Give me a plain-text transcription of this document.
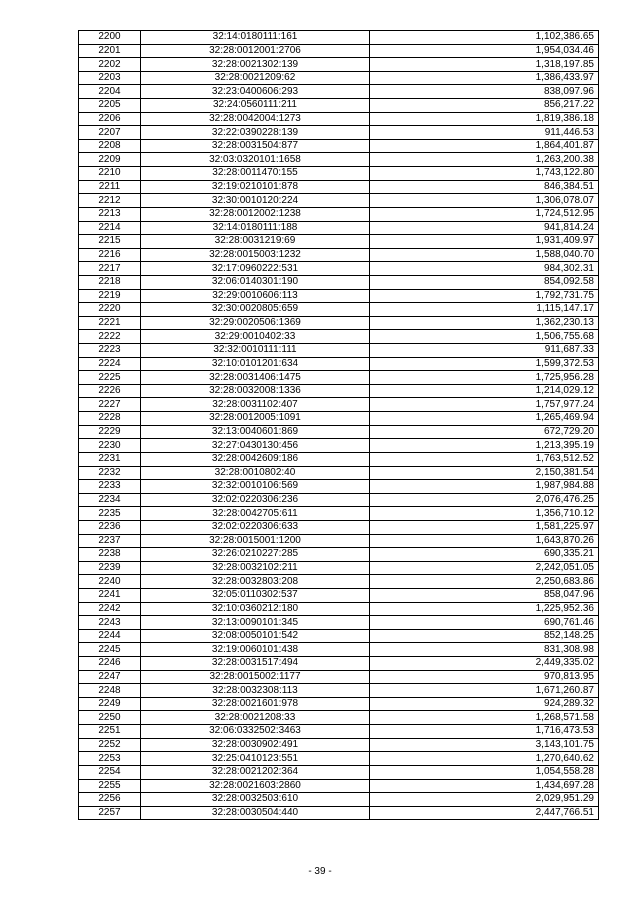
2200	32:14:0180111:161	1,102,386.65
2201	32:28:0012001:2706	1,954,034.46
2202	32:28:0021302:139	1,318,197.85
2203	32:28:0021209:62	1,386,433.97
2204	32:23:0400606:293	838,097.96
2205	32:24:0560111:211	856,217.22
2206	32:28:0042004:1273	1,819,386.18
2207	32:22:0390228:139	911,446.53
2208	32:28:0031504:877	1,864,401.87
2209	32:03:0320101:1658	1,263,200.38
2210	32:28:0011470:155	1,743,122.80
2211	32:19:0210101:878	846,384.51
2212	32:30:0010120:224	1,306,078.07
2213	32:28:0012002:1238	1,724,512.95
2214	32:14:0180111:188	941,814.24
2215	32:28:0031219:69	1,931,409.97
2216	32:28:0015003:1232	1,588,040.70
2217	32:17:0960222:531	984,302.31
2218	32:06:0140301:190	854,092.58
2219	32:29:0010606:113	1,792,731.75
2220	32:30:0020805:659	1,115,147.17
2221	32:29:0020506:1369	1,362,230.13
2222	32:29:0010402:33	1,506,755.68
2223	32:32:0010111:111	911,687.33
2224	32:10:0101201:634	1,599,372.53
2225	32:28:0031406:1475	1,725,956.28
2226	32:28:0032008:1336	1,214,029.12
2227	32:28:0031102:407	1,757,977.24
2228	32:28:0012005:1091	1,265,469.94
2229	32:13:0040601:869	672,729.20
2230	32:27:0430130:456	1,213,395.19
2231	32:28:0042609:186	1,763,512.52
2232	32:28:0010802:40	2,150,381.54
2233	32:32:0010106:569	1,987,984.88
2234	32:02:0220306:236	2,076,476.25
2235	32:28:0042705:611	1,356,710.12
2236	32:02:0220306:633	1,581,225.97
2237	32:28:0015001:1200	1,643,870.26
2238	32:26:0210227:285	690,335.21
2239	32:28:0032102:211	2,242,051.05
2240	32:28:0032803:208	2,250,683.86
2241	32:05:0110302:537	858,047.96
2242	32:10:0360212:180	1,225,952.36
2243	32:13:0090101:345	690,761.46
2244	32:08:0050101:542	852,148.25
2245	32:19:0060101:438	831,308.98
2246	32:28:0031517:494	2,449,335.02
2247	32:28:0015002:1177	970,813.95
2248	32:28:0032308:113	1,671,260.87
2249	32:28:0021601:978	924,289.32
2250	32:28:0021208:33	1,268,571.58
2251	32:06:0332502:3463	1,716,473.53
2252	32:28:0030902:491	3,143,101.75
2253	32:25:0410123:551	1,270,640.62
2254	32:28:0021202:364	1,054,558.28
2255	32:28:0021603:2860	1,434,697.28
2256	32:28:0032503:610	2,029,951.29
2257	32:28:0030504:440	2,447,766.51
- 39 -
